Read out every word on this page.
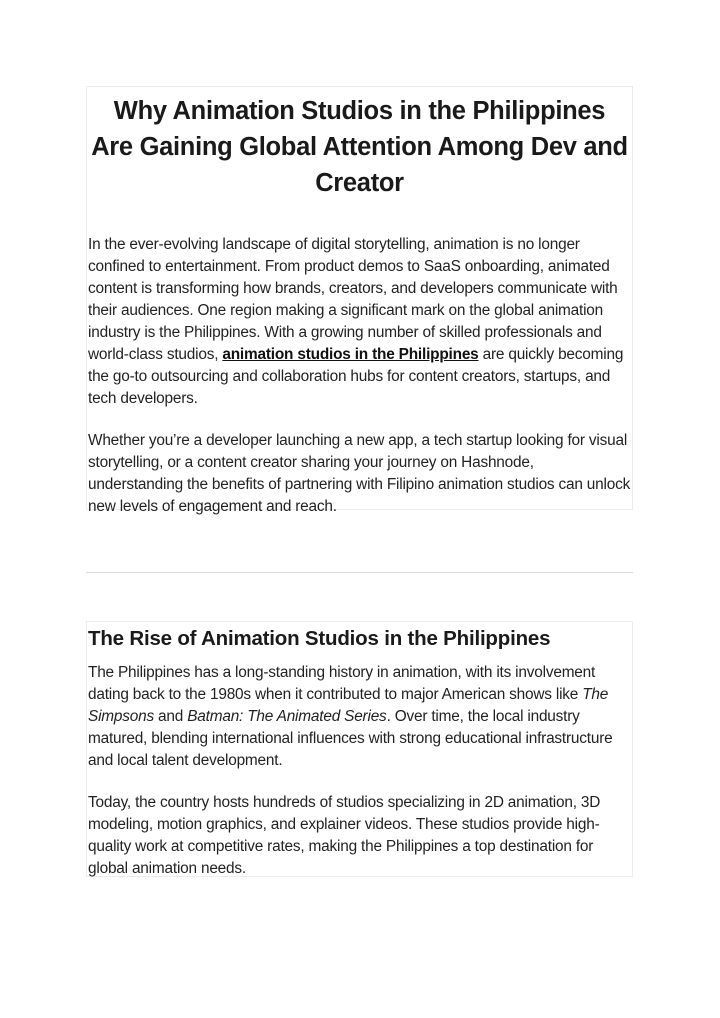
Why Animation Studios in the Philippines Are Gaining Global Attention Among Dev and Creator

In the ever-evolving landscape of digital storytelling, animation is no longer confined to entertainment. From product demos to SaaS onboarding, animated content is transforming how brands, creators, and developers communicate with their audiences. One region making a significant mark on the global animation industry is the Philippines. With a growing number of skilled professionals and world-class studios, animation studios in the Philippines are quickly becoming the go-to outsourcing and collaboration hubs for content creators, startups, and tech developers.

Whether you’re a developer launching a new app, a tech startup looking for visual storytelling, or a content creator sharing your journey on Hashnode, understanding the benefits of partnering with Filipino animation studios can unlock new levels of engagement and reach.

The Rise of Animation Studios in the Philippines

The Philippines has a long-standing history in animation, with its involvement dating back to the 1980s when it contributed to major American shows like The Simpsons and Batman: The Animated Series. Over time, the local industry matured, blending international influences with strong educational infrastructure and local talent development.

Today, the country hosts hundreds of studios specializing in 2D animation, 3D modeling, motion graphics, and explainer videos. These studios provide high-quality work at competitive rates, making the Philippines a top destination for global animation needs.
